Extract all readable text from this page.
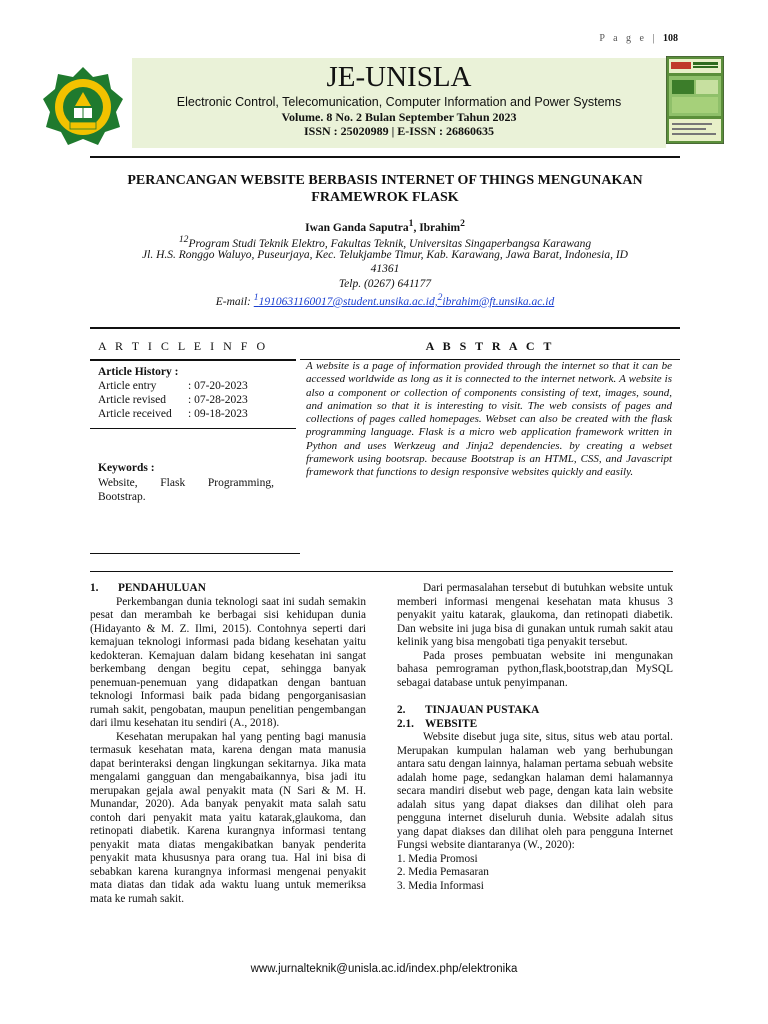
P a g e | 108
JE-UNISLA
Electronic Control, Telecomunication, Computer Information and Power Systems
Volume. 8 No. 2 Bulan September Tahun 2023
ISSN : 25020989 | E-ISSN : 26860635
PERANCANGAN WEBSITE BERBASIS INTERNET OF THINGS MENGUNAKAN FRAMEWROK FLASK
Iwan Ganda Saputra$^1$, Ibrahim$^2$
$^{12}$Program Studi Teknik Elektro, Fakultas Teknik, Universitas Singaperbangsa Karawang
Jl. H.S. Ronggo Waluyo, Puseurjaya, Kec. Telukjambe Timur, Kab. Karawang, Jawa Barat, Indonesia, ID 41361
Telp. (0267) 641177
E-mail: $^1$1910631160017@student.unsika.ac.id,$^2$ibrahim@ft.unsika.ac.id
A R T I C L E I N F O	A B S T R A C T
Article History :
Article entry	: 07-20-2023
Article revised : 07-28-2023
Article received : 09-18-2023
Keywords :
Website, Flask Programming, Bootstrap.
A website is a page of information provided through the internet so that it can be accessed worldwide as long as it is connected to the internet network. A website is also a component or collection of components consisting of text, images, sound, and animation so that it is interesting to visit. The web consists of pages and collections of pages called homepages. Webset can also be created with the flask programming language. Flask is a micro web application framework written in Python and uses Werkzeug and Jinja2 dependencies. by creating a webset framework using bootsrap. because Bootstrap is an HTML, CSS, and Javascript framework that functions to design responsive websites quickly and easily.

1. PENDAHULUAN

Perkembangan dunia teknologi saat ini sudah semakin pesat dan merambah ke berbagai sisi kehidupan dunia (Hidayanto & M. Z. Ilmi, 2015). Contohnya seperti dari kemajuan teknologi informasi pada bidang kesehatan yaitu kedokteran. Kemajuan dalam bidang kesehatan ini sangat berkembang dengan begitu cepat, sehingga banyak penemuan-penemuan yang didapatkan dengan bantuan teknologi Informasi baik pada bidang pengorganisasian rumah sakit, pengobatan, maupun penelitian pengembangan dari ilmu kesehatan itu sendiri (A., 2018).

Kesehatan merupakan hal yang penting bagi manusia termasuk kesehatan mata, karena dengan mata manusia dapat berinteraksi dengan lingkungan sekitarnya. Jika mata mengalami gangguan dan mengabaikannya, bisa jadi itu merupakan gejala awal penyakit mata (N Sari & M. H. Munandar, 2020). Ada banyak penyakit mata salah satu contoh dari penyakit mata yaitu katarak,glaukoma, dan retinopati diabetik. Karena kurangnya informasi tentang penyakit mata diatas mengakibatkan banyak penderita penyakit mata khususnya para orang tua. Hal ini bisa di sebabkan karena kurangnya informasi mengenai penyakit mata diatas dan tidak ada waktu luang untuk memeriksa mata ke rumah sakit.

Dari permasalahan tersebut di butuhkan website untuk memberi informasi mengenai kesehatan mata khusus 3 penyakit yaitu katarak, glaukoma, dan retinopati diabetik. Dan website ini juga bisa di gunakan untuk rumah sakit atau kelinik yang bisa mengobati tiga penyakit tersebut.

Pada proses pembuatan website ini mengunakan bahasa pemrograman python,flask,bootstrap,dan MySQL sebagai database untuk penyimpanan.

2. TINJAUAN PUSTAKA

2.1. WEBSITE

Website disebut juga site, situs, situs web atau portal. Merupakan kumpulan halaman web yang berhubungan antara satu dengan lainnya, halaman pertama sebuah website adalah home page, sedangkan halaman demi halamannya secara mandiri disebut web page, dengan kata lain website adalah situs yang dapat diakses dan dilihat oleh para pengguna internet diseluruh dunia. Website adalah situs yang dapat diakses dan dilihat oleh para pengguna Internet Fungsi website diantaranya (W., 2020):

1. Media Promosi

2. Media Pemasaran

3. Media Informasi

www.jurnalteknik@unisla.ac.id/index.php/elektronika
